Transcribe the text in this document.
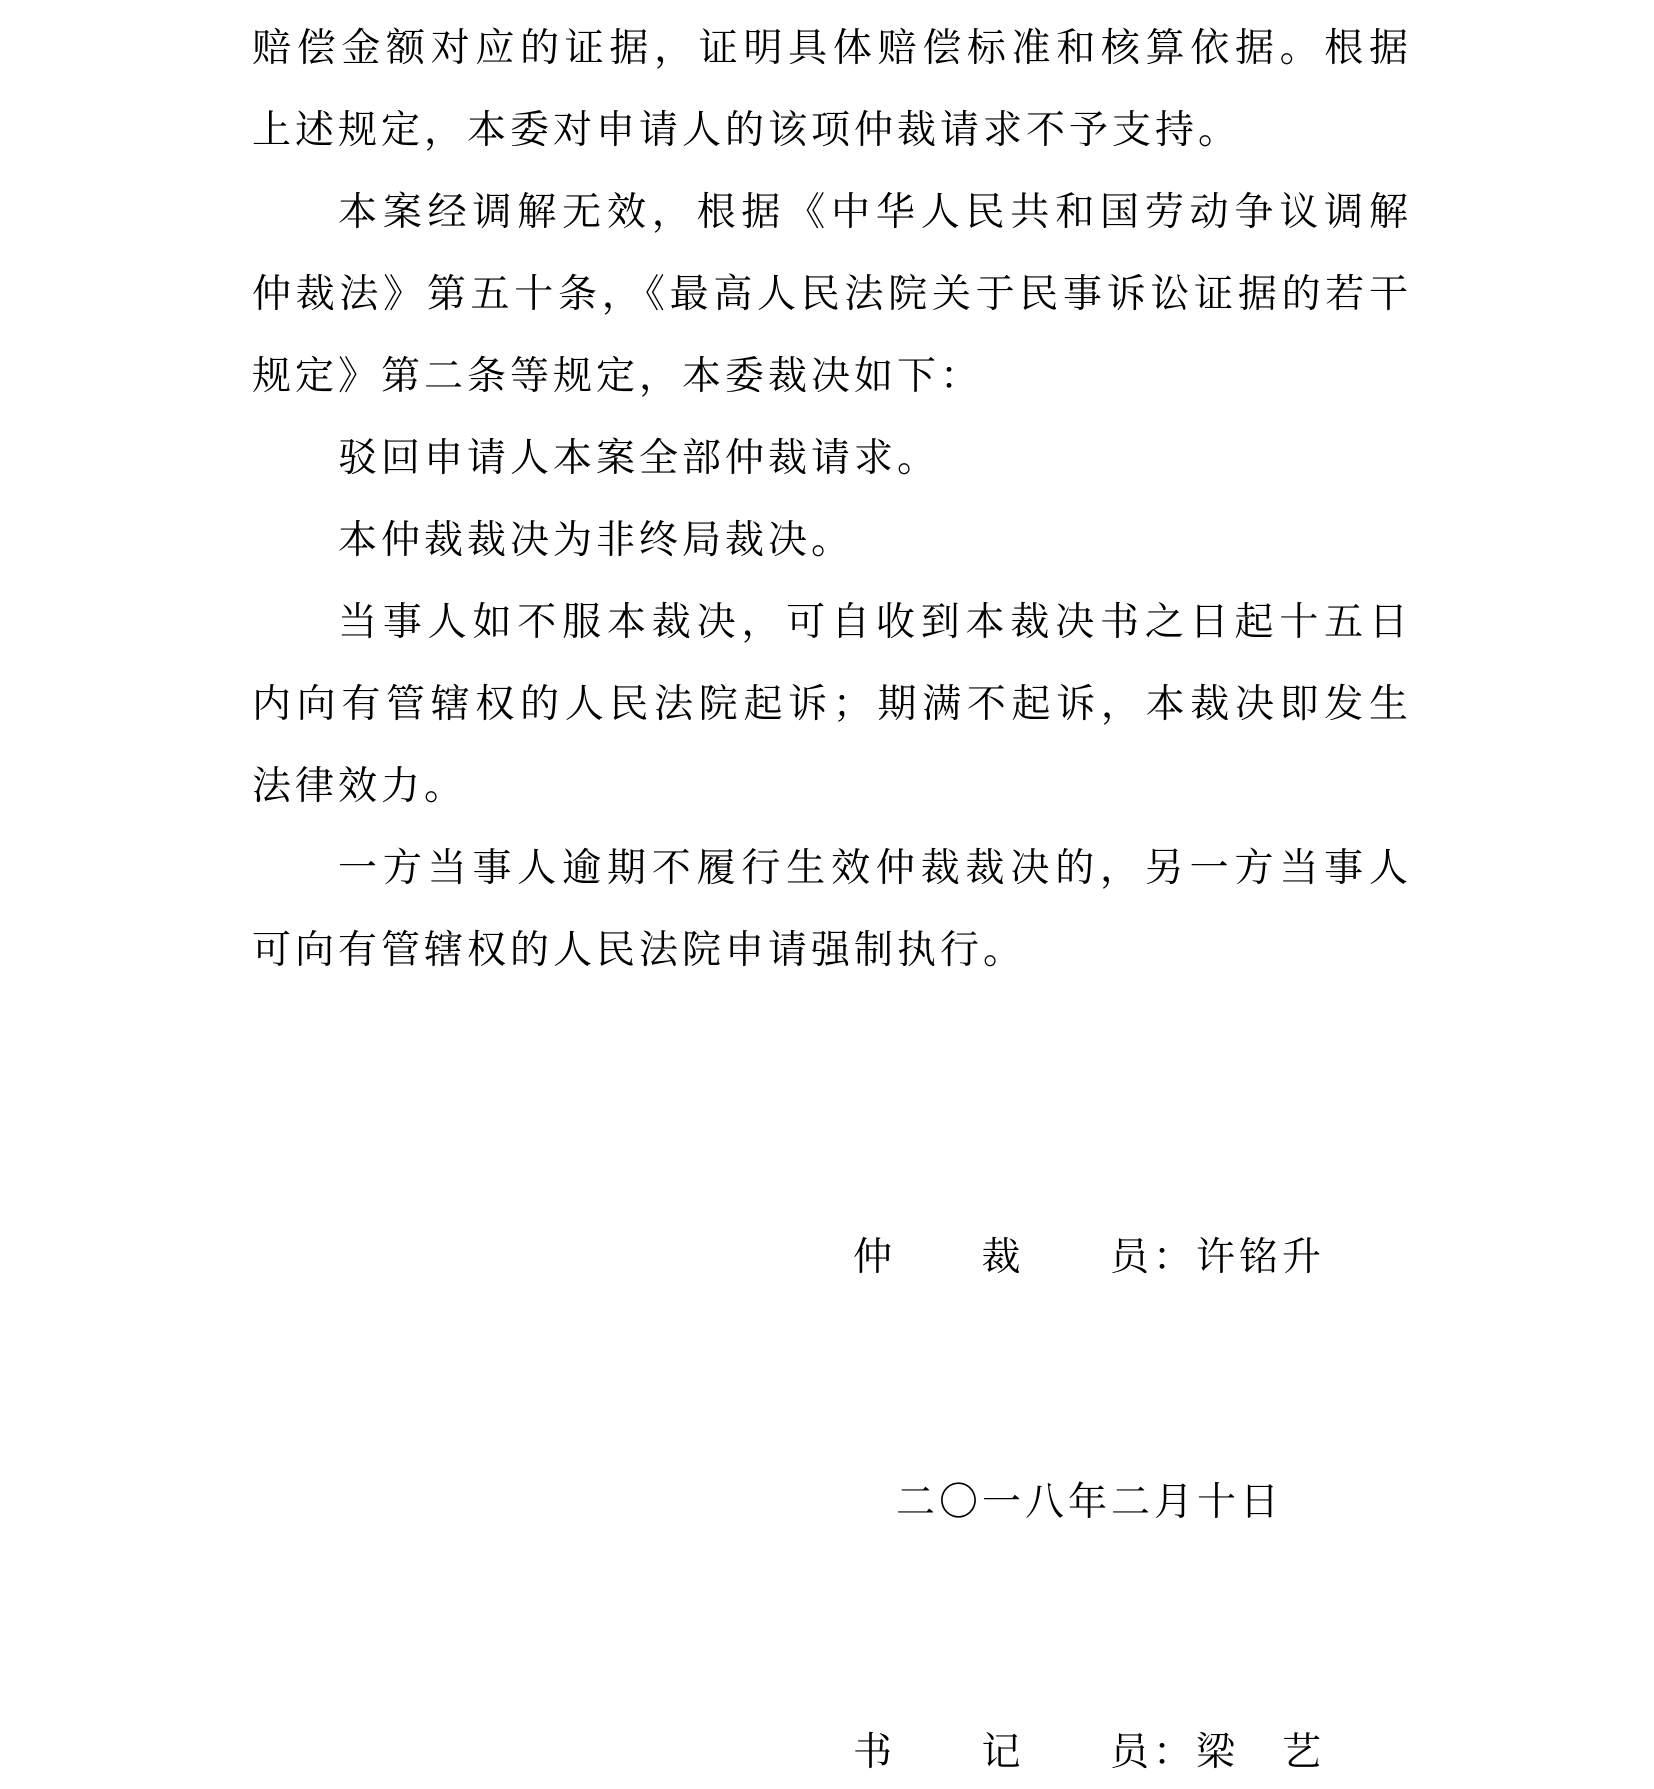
赔偿金额对应的证据，证明具体赔偿标准和核算依据。根据上述规定，本委对申请人的该项仲裁请求不予支持。

本案经调解无效，根据《中华人民共和国劳动争议调解仲裁法》第五十条，《最高人民法院关于民事诉讼证据的若干规定》第二条等规定，本委裁决如下：

驳回申请人本案全部仲裁请求。

本仲裁裁决为非终局裁决。

当事人如不服本裁决，可自收到本裁决书之日起十五日内向有管辖权的人民法院起诉；期满不起诉，本裁决即发生法律效力。

一方当事人逾期不履行生效仲裁裁决的，另一方当事人可向有管辖权的人民法院申请强制执行。

仲 裁 员 ：许铭升
二〇一八年二月十日
书 记 员 ：梁　艺
